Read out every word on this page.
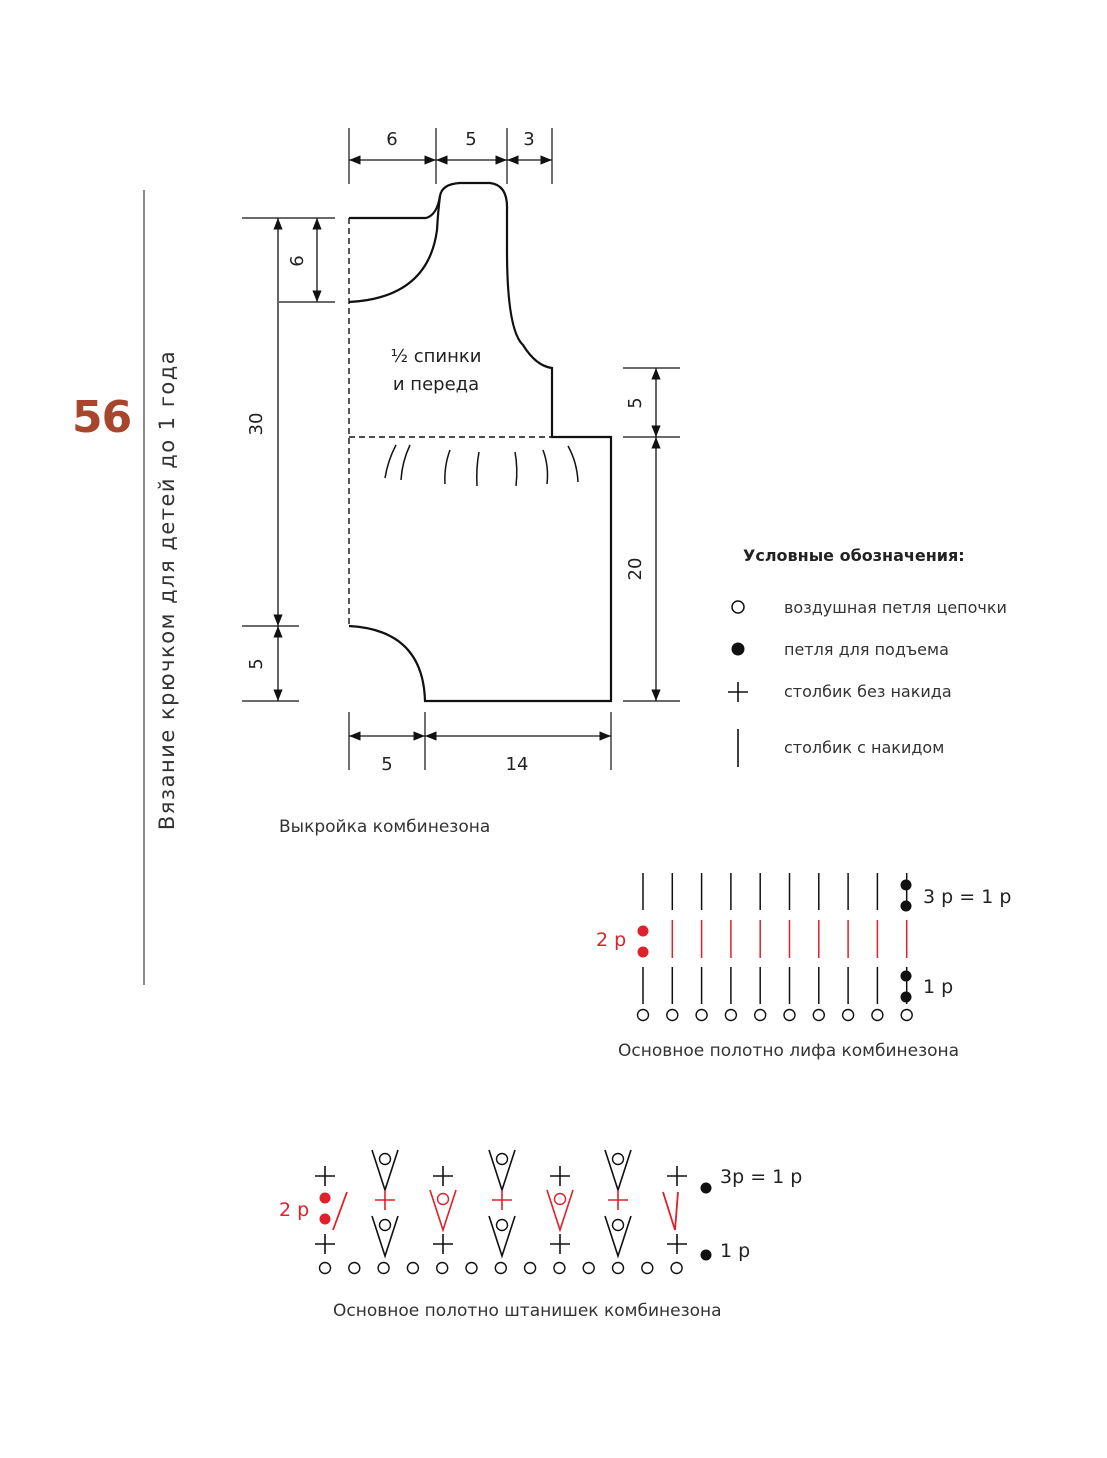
56 Вязание крючком для детей до 1 года
6	5	3
6
30
5
5
20
5	14
½ спинки
и переда
Выкройка комбинезона
Условные обозначения:
воздушная петля цепочки
петля для подъема
столбик без накида
столбик с накидом
3 р = 1 р
1 р
2 р
Основное полотно лифа комбинезона
3р = 1 р
1 р
2 р
Основное полотно штанишек комбинезона
